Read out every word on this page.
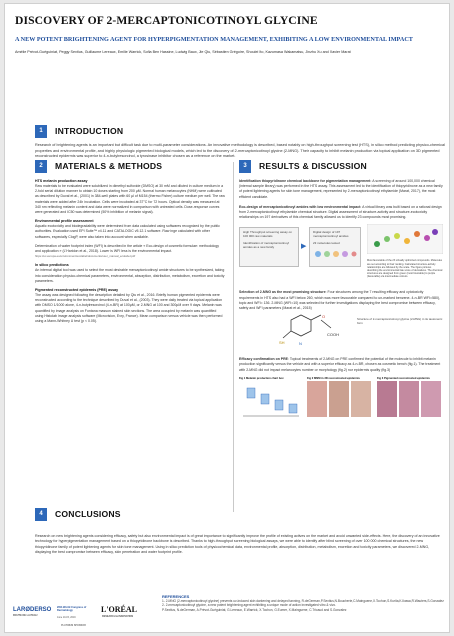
DISCOVERY OF 2-MERCAPTONICOTINOYL GLYCINE
A NEW POTENT BRIGHTENING AGENT FOR HYPERPIGMENTATION MANAGEMENT, EXHIBITING A LOW ENVIRONMENTAL IMPACT
Amélie Prévot-Guéguiniat, Peggy Sextius, Guillaume Lereaux, Emilie Warrick, Sofia Ben Hassine, Ludwig Baux, Jie Qiu, Sébastien Grégoire, Shoulei Ito, Kazumasa Wakamatsu, Jinzhu Xu and Xavier Marat
1	INTRODUCTION
Research of brightening agents is an important but difficult task due to multi-parameter considerations. An innovative methodology is described, based notably on high-throughput screening test (HTS), in silico method predicting physico-chemical properties and environmental profile, and highly physiologic pigmented biological models, which led to the discovery of 2-mercaptonicotinoyl glycine (2-MNG). Their capacity to inhibit melanin production via topical application on 3D pigmented reconstructed epidermis was superior to 4-n-butylresorcinol, a tyrosinase inhibitor chosen as a reference on the market.
2	MATERIALS & METHODS
HTS melanin production assay
Raw materials to be evaluated were solubilized in dimethyl sulfoxide (DMSO) at 30 mM and diluted in culture medium in a 2-fold serial dilution manner to obtain 10 doses starting from 200 µM. Normal human melanocytes (NHM) were cultivated as described by Duval et al., (2001) in 384-well plates with 60 µl of M154 (thermo Fisher) culture medium per well. The raw materials were added after 24h incubation. Cells were incubated at 37°C for 72 hours. Optical density was measured at 340 nm reflecting melanin content and data were normalized in comparison with untreated cells. Dose-response curves were generated and IC50 was determined (50% inhibition of melanin signal).
Environmental profile assessment
Aquatic ecotoxicity and biodegradability were determined from data calculated using softwares recognized by the public authorities. Evaluation used EPI Suite™ v4.11 and CATALOGIC v5.12.1 software. Raw inge calculated with other softwares, especially ClogP, were also taken into account when available.
Determination of water footprint index (WFI) is described in the article « Eco-design of cosmetic formulae: methodology and application » (L'Haridon et al., 2018). Lower is WFI less is the environmental impact.
https://ec.europa.eu/environment/ecolabel/documents/user_manual_ecolabel.pdf
In silico predictions
An internal digital tool was used to select the most desirable mercaptonicotinoyl amide structures to be synthesized, taking into consideration physico-chemical parameters, environmental, absorption, distribution, metabolism, excretion and toxicity parameters.
Pigmented reconstructed epidermis (PRE) assay
The assay was designed following the description detailed by Qiu et al., 2016. Briefly human pigmented epidermis were reconstructed according to the technique described by Duval et al., (2003). They were daily treated via topical application with DMSO 1/1000 alone, 4-n-butylresorcinol (4-n-BR) at 100µM, or 2-MNG at 100 and 300µM over 9 days. Melanin was quantified by image analysis on Fontana masson stained skin sections. The area occupied by melanin was quantified using Histolab image analysis software (Microvision, Evry, France). Mean comparison versus vehicle was then performed using a Mann-Whitney U test (p < 0.05).
3	RESULTS & DISCUSSION
Identification thiopyridinone chemical backbone for pigmentation management: A screening of around 100,000 chemical (internal sample library) was performed in the HTS assay. This assessment led to the identification of thiopyridinone as a new family of potent lightening agents for skin tone management, represented by 2-mercaptonicotinoyl ethylamide (Marat, 2017), the most efficient candidate.
Eco-design of mercaptonicotinoyl amides with low environmental impact: A virtual library was built based on a rational design from 2-mercaptonicotinoyl ethylamide chemical structure. Digital assessment of structure-activity and structure-ecotoxicity relationships on 197 derivatives of this chemical family allowed us to identify 23 compounds most promising.
High Throughput screening assay on 100 000 raw materials
Identification of mercaptonicotinoyl amides as a new family	▶
Digital design of 197 mercaptonicotinoyl amides
23 molecules tested
Most favourable of the 23 virtually optimized compounds. Molecules are set according to their ranking. Calculated structure-activity relationships are followed by the scale. The figure pictures describing the environmental fate score of derivatives. The chemical structures are designed from green (most favorable) to purple (favourable) via intermediate colours.
Selection of 2-MNG as the most promising structure: Four structures among the 7 resulting efficacy and cytotoxicity requirements in HTS also had a WFI below 260, which was more favourable compared to un-marked benzene- 4-n-BR WFI=580), topic and WFI= 136. 2-MNG (WFI=10) was selected for further investigations displaying the best compromise between efficacy, safety and WFI parameters (Marat et al., 2015)
N
O
SH
COOH
Structure of 2-mercaptonicotinoyl glycine (2-MNG) in its tautomeric form
Efficacy confirmation on PRE: Topical treatments of 2-MNG on PRE confirmed the potential of the molecule to inhibit melanin production significantly versus the vehicle and with a superior efficacy as 4-n-BR, chosen as cosmetic bench (fig.1). The treatment with 2-MNG did not impact melanocytes number or morphology (fig.2) nor epidermis quality (fig.3)
Fig 1 Melanin production chart box	Fig 2 MNM in 3D reconstructed epidermis	Fig 3 Pigmented reconstructed epidermis
4	CONCLUSIONS
Research on new brightening agents considering efficacy, safety but also environmental impact is of great importance to significantly improve the profile of existing actives on the market and avoid unwanted side-effects. Here, the discovery of an innovative technology for hyperpigmentation management based on a thiopyridinone backbone is described. Thanks to high-throughput screening biological assays, we were able to identify after blind screening of over 100 000 chemical structures, the new thiopyridinone family of potent lightening agents for skin tone management. Using in silico prediction tools of physicochemical data, environmental profile, absorption, distribution, metabolism, excretion and toxicity parameters, we discovered 2-MNG, displaying the best compromise between efficacy, skin penetration and water footprint profile.
LARØDERSO
ROUTE DE LA PEAU
26th World Congress of Dermatology
June 10-15, 2019
L'ORÉAL
RESEARCH & INNOVATION
PLATINUM SPONSOR
REFERENCES
1- 2-MNG (2-mercaptonicotinoyl glycine) prevents uv-induced skin darkening and delayed tanning, R.deGerman,P.Sextius,N.Boucherie,C.Mainguene,X.Tochon,S.Kurita,K.Ikawa,R.Wauters,S.Gonzalez
2- 2-mercaptonicotinoyl glycine, a new potent brightening agent exhibiting a unique mode of action investigated vitro & vivo.
P.Sextius, N.deGerman, A.Prévot-Guéguiniat, G.Lereaux, E.Warrick, X.Tochon, G.Eumer, X.Mainguene, C.Tricaud and S.Gonzalez
